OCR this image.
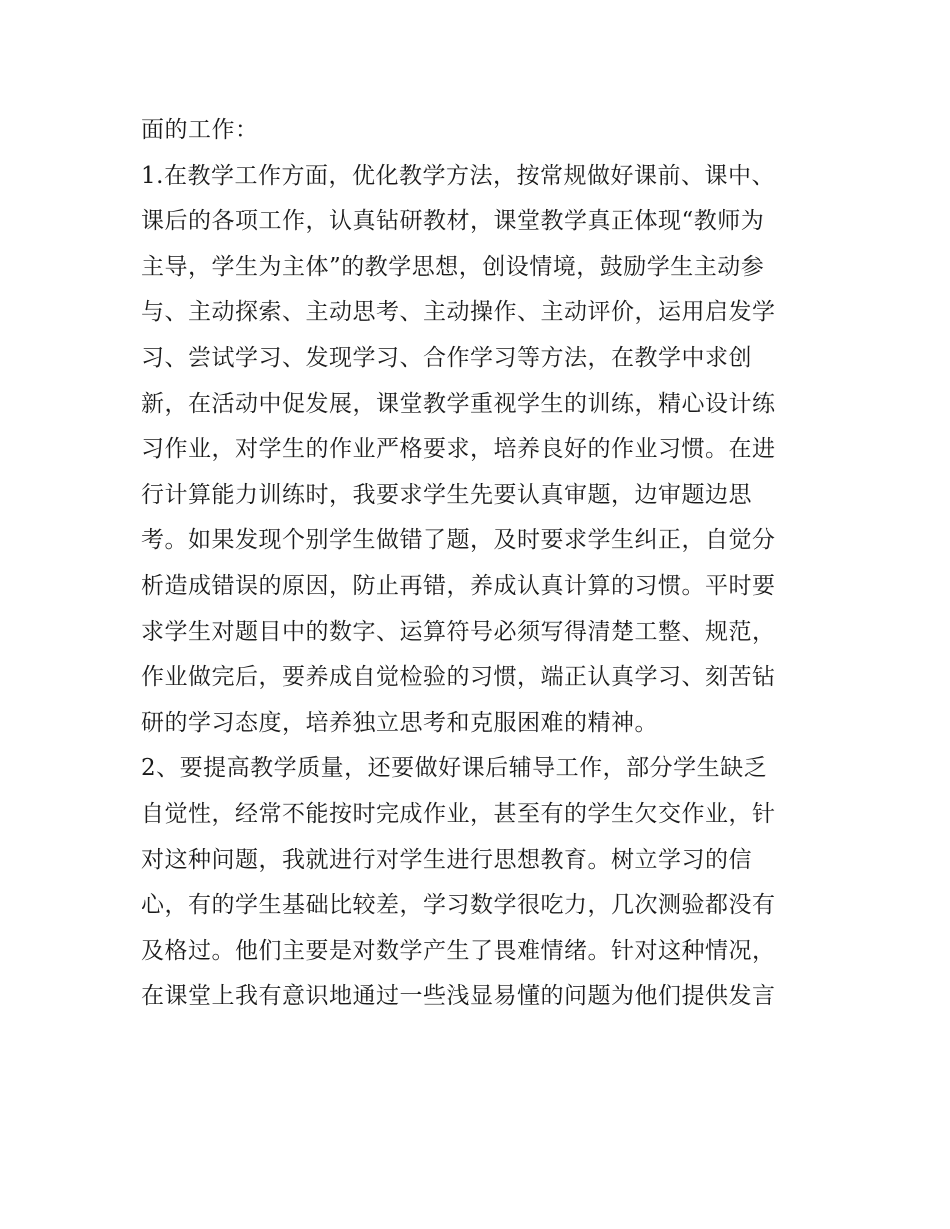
面的工作：
1.在教学工作方面，优化教学方法，按常规做好课前、课中、
课后的各项工作，认真钻研教材，课堂教学真正体现“教师为
主导，学生为主体”的教学思想，创设情境，鼓励学生主动参
与、主动探索、主动思考、主动操作、主动评价，运用启发学
习、尝试学习、发现学习、合作学习等方法，在教学中求创
新，在活动中促发展，课堂教学重视学生的训练，精心设计练
习作业，对学生的作业严格要求，培养良好的作业习惯。在进
行计算能力训练时，我要求学生先要认真审题，边审题边思
考。如果发现个别学生做错了题，及时要求学生纠正，自觉分
析造成错误的原因，防止再错，养成认真计算的习惯。平时要
求学生对题目中的数字、运算符号必须写得清楚工整、规范，
作业做完后，要养成自觉检验的习惯，端正认真学习、刻苦钻
研的学习态度，培养独立思考和克服困难的精神。
2、要提高教学质量，还要做好课后辅导工作，部分学生缺乏
自觉性，经常不能按时完成作业，甚至有的学生欠交作业，针
对这种问题，我就进行对学生进行思想教育。树立学习的信
心，有的学生基础比较差，学习数学很吃力，几次测验都没有
及格过。他们主要是对数学产生了畏难情绪。针对这种情况，
在课堂上我有意识地通过一些浅显易懂的问题为他们提供发言
